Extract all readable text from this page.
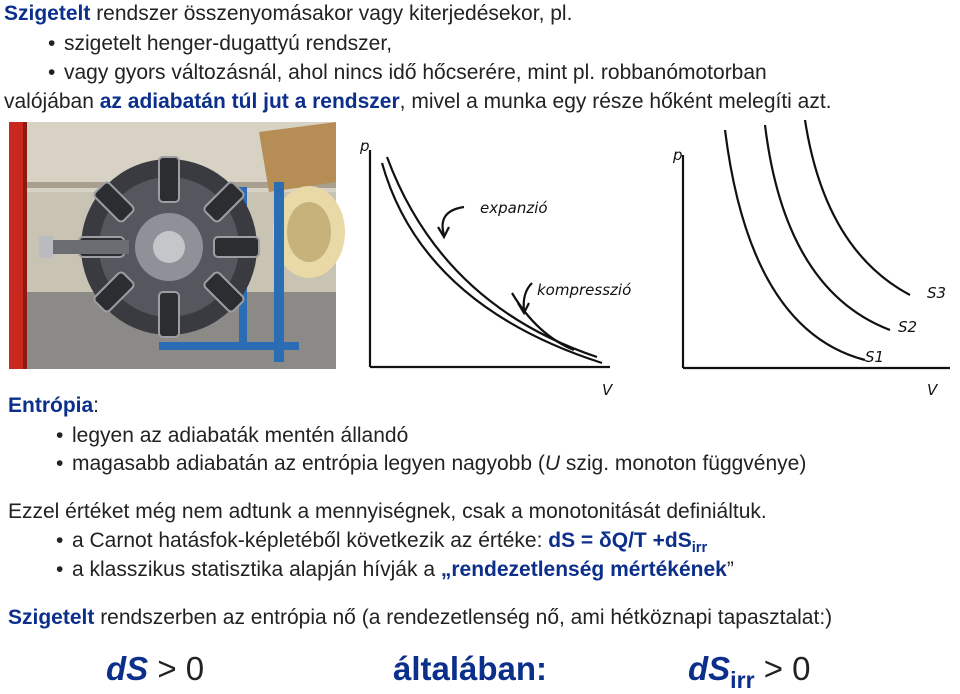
Szigetelt rendszer összenyomásakor vagy kiterjedésekor, pl.
• szigetelt henger-dugattyú rendszer,
• vagy gyors változásnál, ahol nincs idő hőcserére, mint pl. robbanómotorban
valójában az adiabatán túl jut a rendszer, mivel a munka egy része hőként melegíti azt.
p
V
expanzió
kompresszió
p
V
S1
S2
S3
Entrópia:
• legyen az adiabaták mentén állandó
• magasabb adiabatán az entrópia legyen nagyobb (U szig. monoton függvénye)
Ezzel értéket még nem adtunk a mennyiségnek, csak a monotonitását definiáltuk.
• a Carnot hatásfok-képletéből következik az értéke: dS = $\delta Q/T +dS_{irr}$
• a klasszikus statisztika alapján hívják a „rendezetlenség mértékének”
Szigetelt rendszerben az entrópia nő (a rendezetlenség nő, ami hétköznapi tapasztalat:)
dS > 0	általában:	$dS_{irr} > 0$
